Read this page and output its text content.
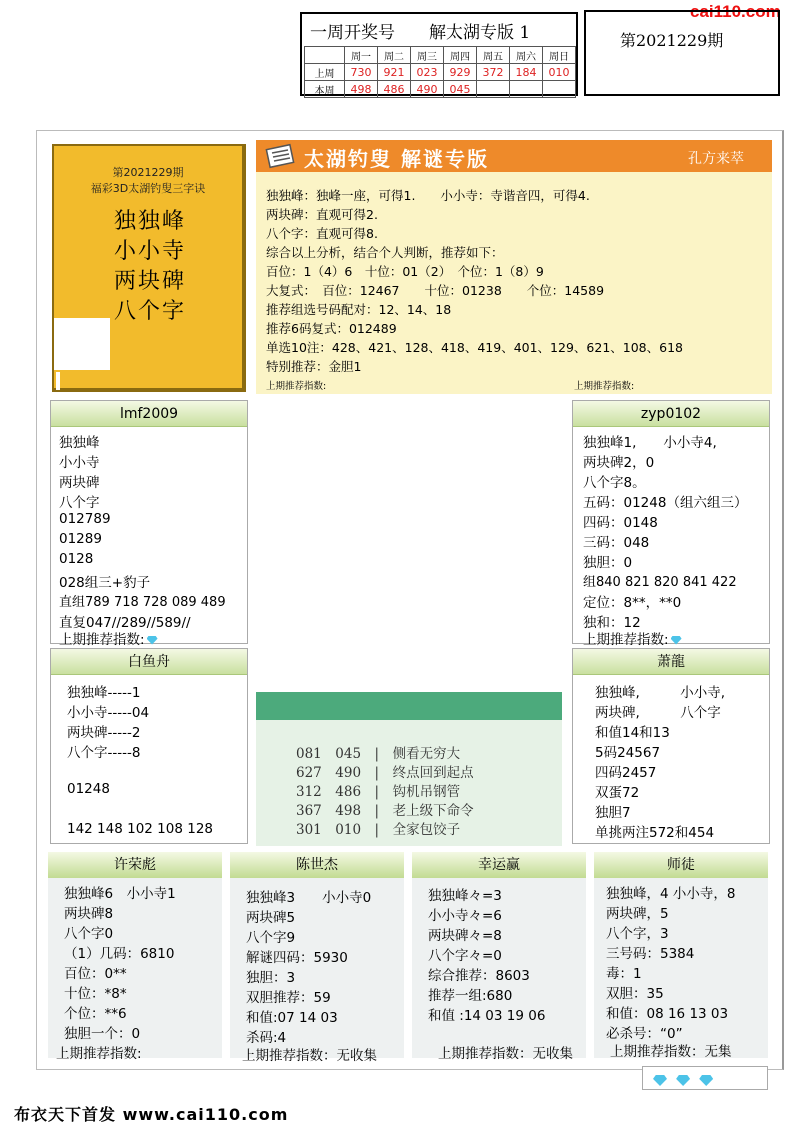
cai110.com
一周开奖号　　解太湖专版 1
	周一	周二	周三	周四	周五	周六	周日
上周	730	921	023	929	372	184	010
本周	498	486	490	045			
第2021229期
第2021229期
福彩3D太湖钓叟三字诀
独独峰
小小寺
两块碑
八个字
太湖钓叟 解谜专版	孔方来萃
独独峰：独峰一座，可得1.　　小小寺：寺谐音四，可得4.
两块碑：直观可得2.
八个字：直观可得8.
综合以上分析，结合个人判断，推荐如下：
百位：1（4）6　十位：01（2）　个位：1（8）9
大复式：　百位：12467　　十位：01238　　个位：14589
推荐组选号码配对：12、14、18
推荐6码复式：012489
单选10注：428、421、128、418、419、401、129、621、108、618
特别推荐：金胆1
上期推荐指数:	上期推荐指数:
lmf2009
独独峰
小小寺
两块碑
八个字
012789
01289
0128
028组三+豹子
直组789 718 728 089 489
直复047//289//589//
上期推荐指数:
zyp0102
独独峰1,　　小小寺4,
两块碑2，0
八个字8。
五码：01248（组六组三）
四码：0148
三码：048
独胆：0
组840 821 820 841 422
定位：8**，**0
独和：12
上期推荐指数:
白鱼舟
独独峰-----1
小小寺-----04
两块碑-----2
八个字-----8
01248
142 148 102 108 128
萧龍
独独峰,　　　小小寺,
两块碑,　　　八个字
和值14和13
5码24567
四码2457
双蛋72
独胆7
单挑两注572和454
081　045　|　侧看无穷大
627　490　|　终点回到起点
312　486　|　钩机吊钢管
367　498　|　老上级下命令
301　010　|　全家包饺子
许荣彪
独独峰6　小小寺1
两块碑8
八个字0
（1）几码：6810
百位：0**
十位：*8*
个位：**6
独胆一个：0
上期推荐指数:
陈世杰
独独峰3　　小小寺0
两块碑5
八个字9
解谜四码：5930
独胆：3
双胆推荐：59
和值:07 14 03
杀码:4
上期推荐指数：无收集
幸运赢
独独峰々=3
小小寺々=6
两块碑々=8
八个字々=0
综合推荐：8603
推荐一组:680
和值 :14 03 19 06
上期推荐指数：无收集
师徒
独独峰，4 小小寺，8
两块碑，5
八个字，3
三号码：5384
毒：1
双胆：35
和值：08 16 13 03
必杀号：“0”
上期推荐指数：无集

布衣天下首发 www.cai110.com
